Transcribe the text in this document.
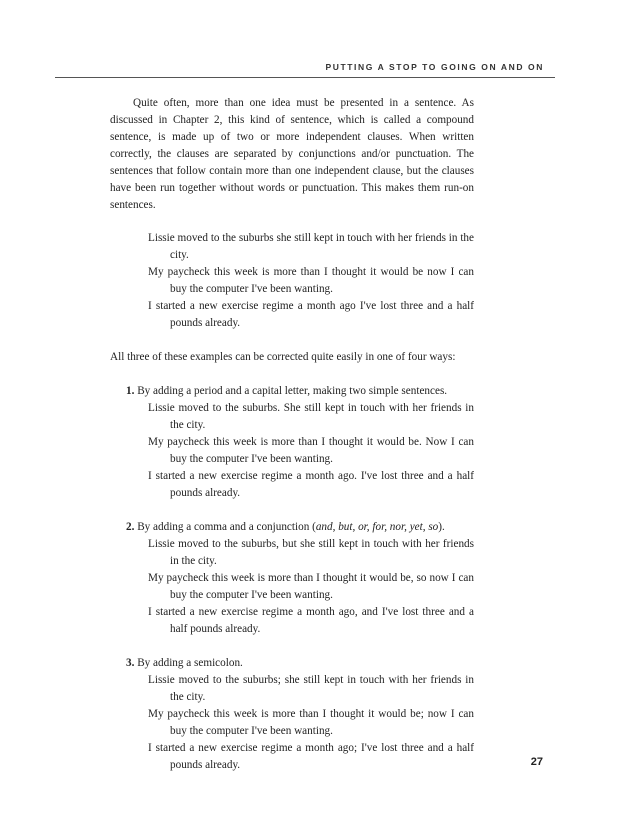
PUTTING A STOP TO GOING ON AND ON

Quite often, more than one idea must be presented in a sentence. As discussed in Chapter 2, this kind of sentence, which is called a compound sentence, is made up of two or more independent clauses. When written correctly, the clauses are separated by conjunctions and/or punctuation. The sentences that follow contain more than one independent clause, but the clauses have been run together without words or punctuation. This makes them run-on sentences.

Lissie moved to the suburbs she still kept in touch with her friends in the city.

My paycheck this week is more than I thought it would be now I can buy the computer I've been wanting.

I started a new exercise regime a month ago I've lost three and a half pounds already.

All three of these examples can be corrected quite easily in one of four ways:

1. By adding a period and a capital letter, making two simple sentences.

Lissie moved to the suburbs. She still kept in touch with her friends in the city.

My paycheck this week is more than I thought it would be. Now I can buy the computer I've been wanting.

I started a new exercise regime a month ago. I've lost three and a half pounds already.

2. By adding a comma and a conjunction (and, but, or, for, nor, yet, so).

Lissie moved to the suburbs, but she still kept in touch with her friends in the city.

My paycheck this week is more than I thought it would be, so now I can buy the computer I've been wanting.

I started a new exercise regime a month ago, and I've lost three and a half pounds already.

3. By adding a semicolon.

Lissie moved to the suburbs; she still kept in touch with her friends in the city.

My paycheck this week is more than I thought it would be; now I can buy the computer I've been wanting.

I started a new exercise regime a month ago; I've lost three and a half pounds already.	27
